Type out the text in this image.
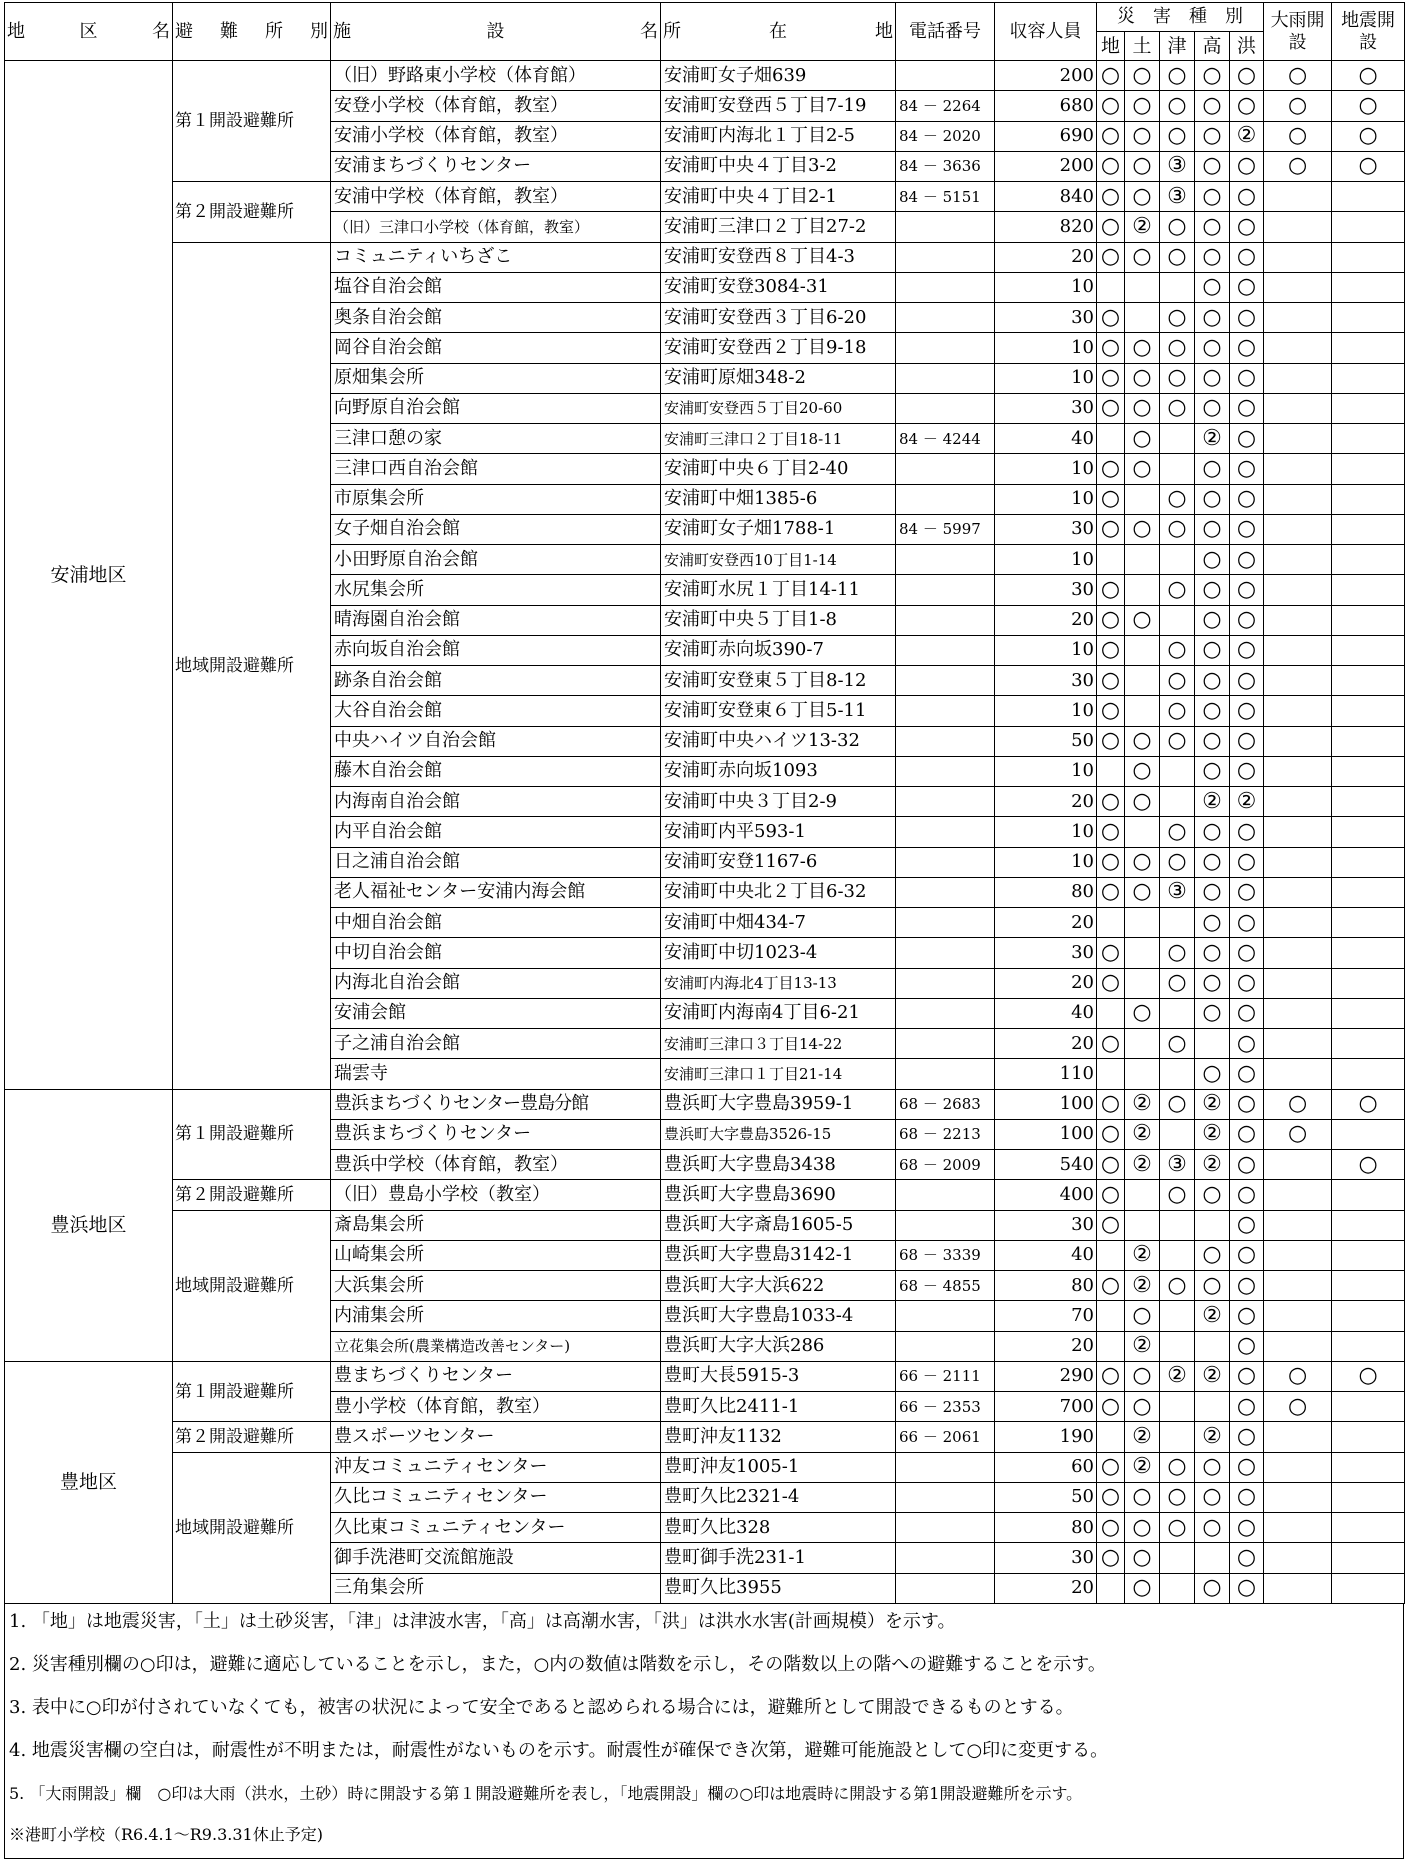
地　　区　　名	避難所別	施　　　　設　　　　名	所　　　在　　　地	電話番号	収容人員	災　害　種　別					大雨開設	地震開設
						地	土	津	高	洪		
安浦地区	第１開設避難所	（旧）野路東小学校（体育館）	安浦町女子畑639		200	○	○	○	○	○	○	○
		安登小学校（体育館，教室）	安浦町安登西５丁目7-19	84 － 2264	680	○	○	○	○	○	○	○
		安浦小学校（体育館，教室）	安浦町内海北１丁目2-5	84 － 2020	690	○	○	○	○	②	○	○
		安浦まちづくりセンター	安浦町中央４丁目3-2	84 － 3636	200	○	○	③	○	○	○	○
	第２開設避難所	安浦中学校（体育館，教室）	安浦町中央４丁目2-1	84 － 5151	840	○	○	③	○	○		
		（旧）三津口小学校（体育館，教室）	安浦町三津口２丁目27-2		820	○	②	○	○	○		
	地域開設避難所	コミュニティいちざこ	安浦町安登西８丁目4-3		20	○	○	○	○	○		
		塩谷自治会館	安浦町安登3084-31		10				○	○		
		奥条自治会館	安浦町安登西３丁目6-20		30	○		○	○	○		
		岡谷自治会館	安浦町安登西２丁目9-18		10	○	○	○	○	○		
		原畑集会所	安浦町原畑348-2		10	○	○	○	○	○		
		向野原自治会館	安浦町安登西５丁目20-60		30	○	○	○	○	○		
		三津口憩の家	安浦町三津口２丁目18-11	84 － 4244	40		○		②	○		
		三津口西自治会館	安浦町中央６丁目2-40		10	○	○		○	○		
		市原集会所	安浦町中畑1385-6		10	○		○	○	○		
		女子畑自治会館	安浦町女子畑1788-1	84 － 5997	30	○	○	○	○	○		
		小田野原自治会館	安浦町安登西10丁目1-14		10				○	○		
		水尻集会所	安浦町水尻１丁目14-11		30	○		○	○	○		
		晴海園自治会館	安浦町中央５丁目1-8		20	○	○		○	○		
		赤向坂自治会館	安浦町赤向坂390-7		10	○		○	○	○		
		跡条自治会館	安浦町安登東５丁目8-12		30	○		○	○	○		
		大谷自治会館	安浦町安登東６丁目5-11		10	○		○	○	○		
		中央ハイツ自治会館	安浦町中央ハイツ13-32		50	○	○	○	○	○		
		藤木自治会館	安浦町赤向坂1093		10		○		○	○		
		内海南自治会館	安浦町中央３丁目2-9		20	○	○		②	②		
		内平自治会館	安浦町内平593-1		10	○		○	○	○		
		日之浦自治会館	安浦町安登1167-6		10	○	○	○	○	○		
		老人福祉センター安浦内海会館	安浦町中央北２丁目6-32		80	○	○	③	○	○		
		中畑自治会館	安浦町中畑434-7		20				○	○		
		中切自治会館	安浦町中切1023-4		30	○		○	○	○		
		内海北自治会館	安浦町内海北4丁目13-13		20	○		○	○	○		
		安浦会館	安浦町内海南4丁目6-21		40		○		○	○		
		子之浦自治会館	安浦町三津口３丁目14-22		20	○		○		○		
		瑞雲寺	安浦町三津口１丁目21-14		110				○	○		
豊浜地区	第１開設避難所	豊浜まちづくりセンター豊島分館	豊浜町大字豊島3959-1	68 － 2683	100	○	②	○	②	○	○	○
		豊浜まちづくりセンター	豊浜町大字豊島3526-15	68 － 2213	100	○	②		②	○	○	
		豊浜中学校（体育館，教室）	豊浜町大字豊島3438	68 － 2009	540	○	②	③	②	○		○
	第２開設避難所	（旧）豊島小学校（教室）	豊浜町大字豊島3690		400	○		○	○	○		
	地域開設避難所	斎島集会所	豊浜町大字斎島1605-5		30	○				○		
		山崎集会所	豊浜町大字豊島3142-1	68 － 3339	40		②		○	○		
		大浜集会所	豊浜町大字大浜622	68 － 4855	80	○	②	○	○	○		
		内浦集会所	豊浜町大字豊島1033-4		70		○		②	○		
		立花集会所(農業構造改善センター)	豊浜町大字大浜286		20		②			○		
豊地区	第１開設避難所	豊まちづくりセンター	豊町大長5915-3	66 － 2111	290	○	○	②	②	○	○	○
		豊小学校（体育館，教室）	豊町久比2411-1	66 － 2353	700	○	○			○	○	
	第２開設避難所	豊スポーツセンター	豊町沖友1132	66 － 2061	190		②		②	○		
	地域開設避難所	沖友コミュニティセンター	豊町沖友1005-1		60	○	②	○	○	○		
		久比コミュニティセンター	豊町久比2321-4		50	○	○	○	○	○		
		久比東コミュニティセンター	豊町久比328		80	○	○	○	○	○		
		御手洗港町交流館施設	豊町御手洗231-1		30	○	○			○		
		三角集会所	豊町久比3955		20		○		○	○		
1. 「地」は地震災害，「土」は土砂災害，「津」は津波水害，「高」は高潮水害，「洪」は洪水水害(計画規模）を示す。
2. 災害種別欄の○印は，避難に適応していることを示し，また，○内の数値は階数を示し，その階数以上の階への避難することを示す。
3. 表中に○印が付されていなくても，被害の状況によって安全であると認められる場合には，避難所として開設できるものとする。
4. 地震災害欄の空白は，耐震性が不明または，耐震性がないものを示す。耐震性が確保でき次第，避難可能施設として○印に変更する。
5. 「大雨開設」欄　○印は大雨（洪水，土砂）時に開設する第１開設避難所を表し，「地震開設」欄の○印は地震時に開設する第1開設避難所を示す。
※港町小学校（R6.4.1～R9.3.31休止予定)
